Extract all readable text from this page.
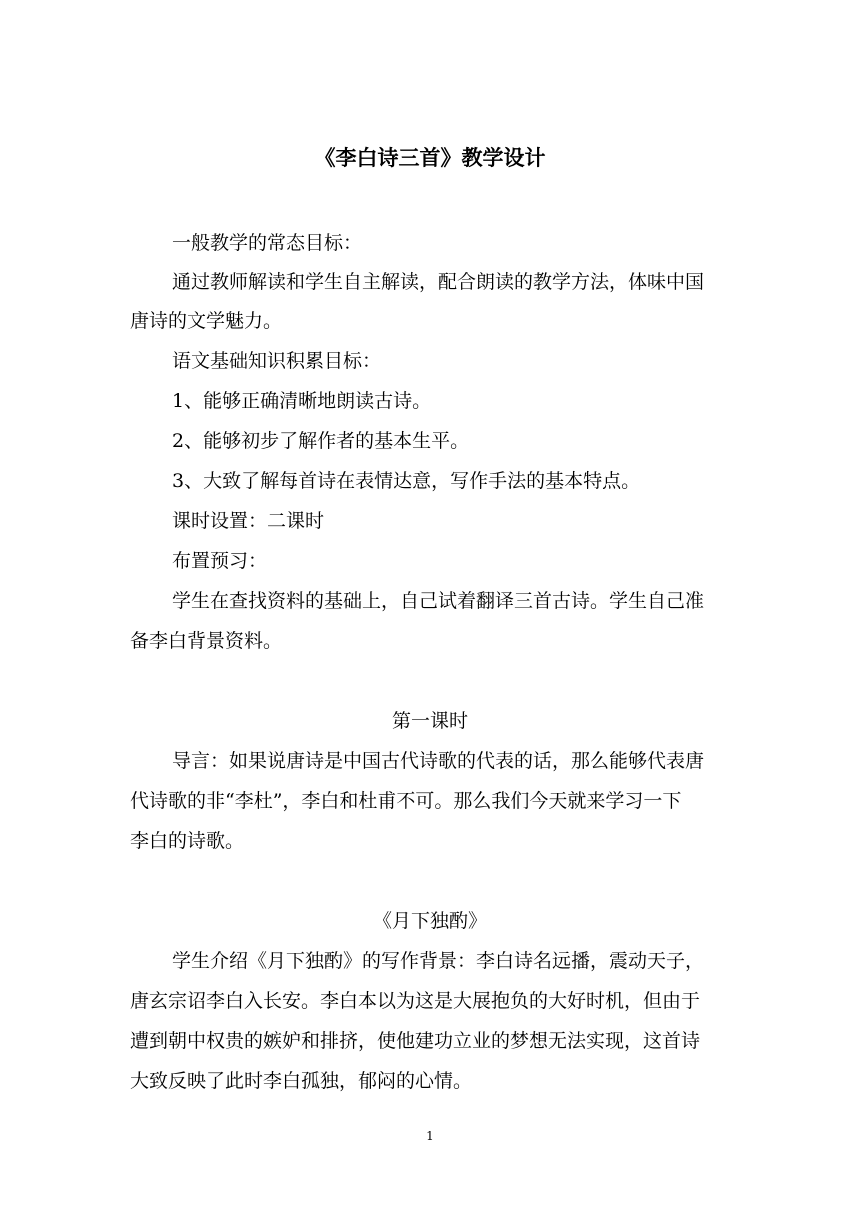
《李白诗三首》教学设计
一般教学的常态目标：
通过教师解读和学生自主解读，配合朗读的教学方法，体味中国
唐诗的文学魅力。
语文基础知识积累目标：
1、能够正确清晰地朗读古诗。
2、能够初步了解作者的基本生平。
3、大致了解每首诗在表情达意，写作手法的基本特点。
课时设置：二课时
布置预习：
学生在查找资料的基础上，自己试着翻译三首古诗。学生自己准
备李白背景资料。
第一课时
导言：如果说唐诗是中国古代诗歌的代表的话，那么能够代表唐
代诗歌的非“李杜”，李白和杜甫不可。那么我们今天就来学习一下
李白的诗歌。
《月下独酌》
学生介绍《月下独酌》的写作背景：李白诗名远播，震动天子，
唐玄宗诏李白入长安。李白本以为这是大展抱负的大好时机，但由于
遭到朝中权贵的嫉妒和排挤，使他建功立业的梦想无法实现，这首诗
大致反映了此时李白孤独，郁闷的心情。
1
